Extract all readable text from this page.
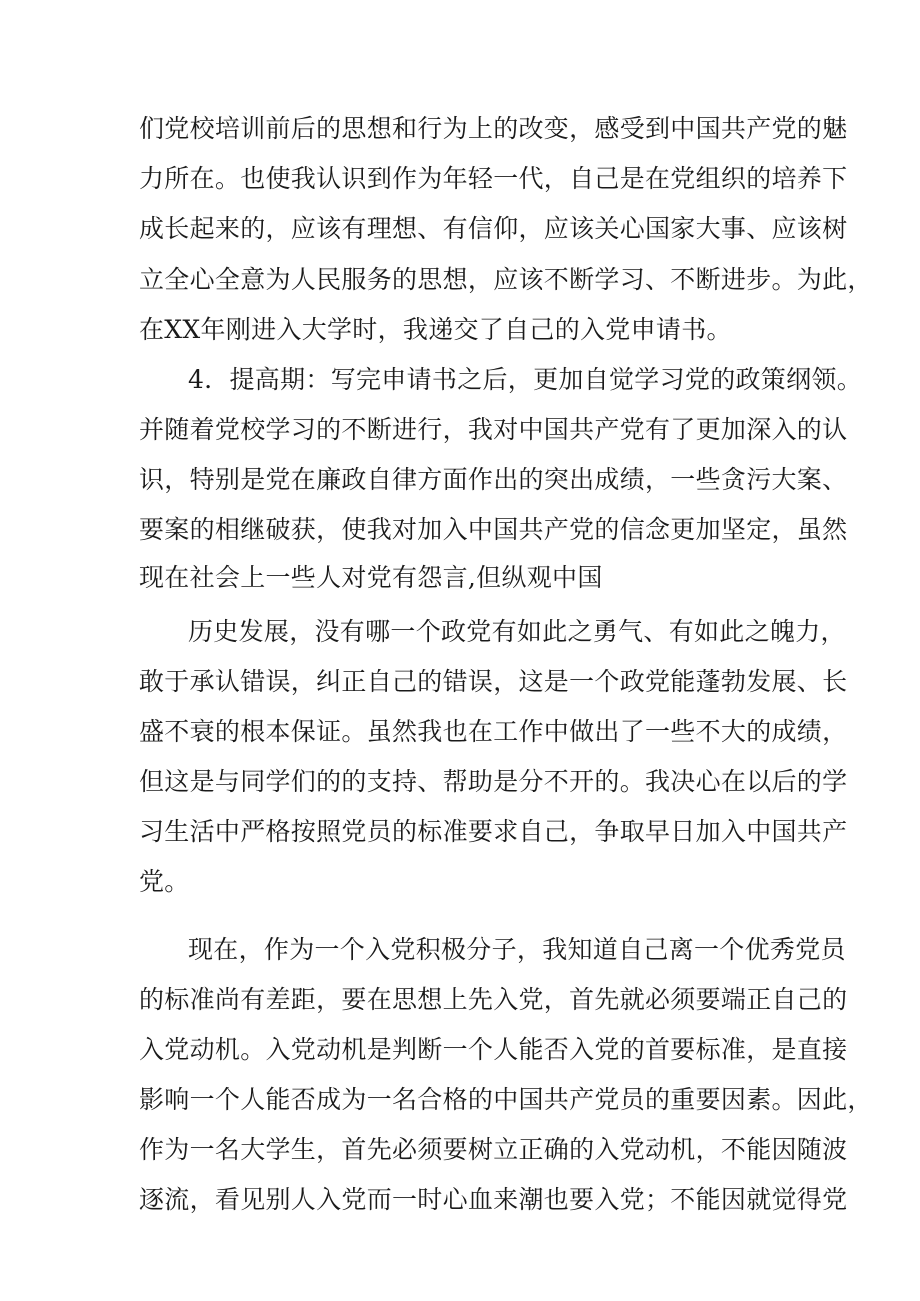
们党校培训前后的思想和行为上的改变，感受到中国共产党的魅
力所在。也使我认识到作为年轻一代，自己是在党组织的培养下
成长起来的，应该有理想、有信仰，应该关心国家大事、应该树
立全心全意为人民服务的思想，应该不断学习、不断进步。为此，
在XX年刚进入大学时，我递交了自己的入党申请书。
4．提高期：写完申请书之后，更加自觉学习党的政策纲领。
并随着党校学习的不断进行，我对中国共产党有了更加深入的认
识，特别是党在廉政自律方面作出的突出成绩，一些贪污大案、
要案的相继破获，使我对加入中国共产党的信念更加坚定，虽然
现在社会上一些人对党有怨言,但纵观中国
历史发展，没有哪一个政党有如此之勇气、有如此之魄力，
敢于承认错误，纠正自己的错误，这是一个政党能蓬勃发展、长
盛不衰的根本保证。虽然我也在工作中做出了一些不大的成绩，
但这是与同学们的的支持、帮助是分不开的。我决心在以后的学
习生活中严格按照党员的标准要求自己，争取早日加入中国共产
党。
现在，作为一个入党积极分子，我知道自己离一个优秀党员
的标准尚有差距，要在思想上先入党，首先就必须要端正自己的
入党动机。入党动机是判断一个人能否入党的首要标准，是直接
影响一个人能否成为一名合格的中国共产党员的重要因素。因此，
作为一名大学生，首先必须要树立正确的入党动机，不能因随波
逐流，看见别人入党而一时心血来潮也要入党；不能因就觉得党
